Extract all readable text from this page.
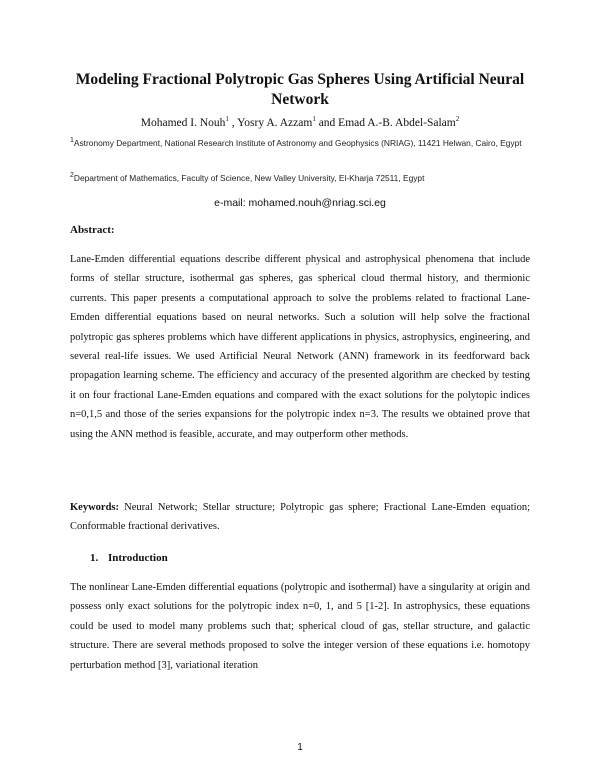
Modeling Fractional Polytropic Gas Spheres Using Artificial Neural Network
Mohamed I. Nouh$^1$ , Yosry A. Azzam$^1$ and Emad A.-B. Abdel-Salam$^2$
$^1$Astronomy Department, National Research Institute of Astronomy and Geophysics (NRIAG), 11421 Helwan, Cairo, Egypt
$^2$Department of Mathematics, Faculty of Science, New Valley University, El-Kharja 72511, Egypt
e-mail: mohamed.nouh@nriag.sci.eg
Abstract:

Lane-Emden differential equations describe different physical and astrophysical phenomena that include forms of stellar structure, isothermal gas spheres, gas spherical cloud thermal history, and thermionic currents. This paper presents a computational approach to solve the problems related to fractional Lane-Emden differential equations based on neural networks. Such a solution will help solve the fractional polytropic gas spheres problems which have different applications in physics, astrophysics, engineering, and several real-life issues. We used Artificial Neural Network (ANN) framework in its feedforward back propagation learning scheme. The efficiency and accuracy of the presented algorithm are checked by testing it on four fractional Lane-Emden equations and compared with the exact solutions for the polytopic indices n=0,1,5 and those of the series expansions for the polytropic index n=3. The results we obtained prove that using the ANN method is feasible, accurate, and may outperform other methods.

Keywords: Neural Network; Stellar structure; Polytropic gas sphere; Fractional Lane-Emden equation; Conformable fractional derivatives.

1. Introduction

The nonlinear Lane-Emden differential equations (polytropic and isothermal) have a singularity at origin and possess only exact solutions for the polytropic index n=0, 1, and 5 [1-2]. In astrophysics, these equations could be used to model many problems such that; spherical cloud of gas, stellar structure, and galactic structure. There are several methods proposed to solve the integer version of these equations i.e. homotopy perturbation method [3], variational iteration

1
